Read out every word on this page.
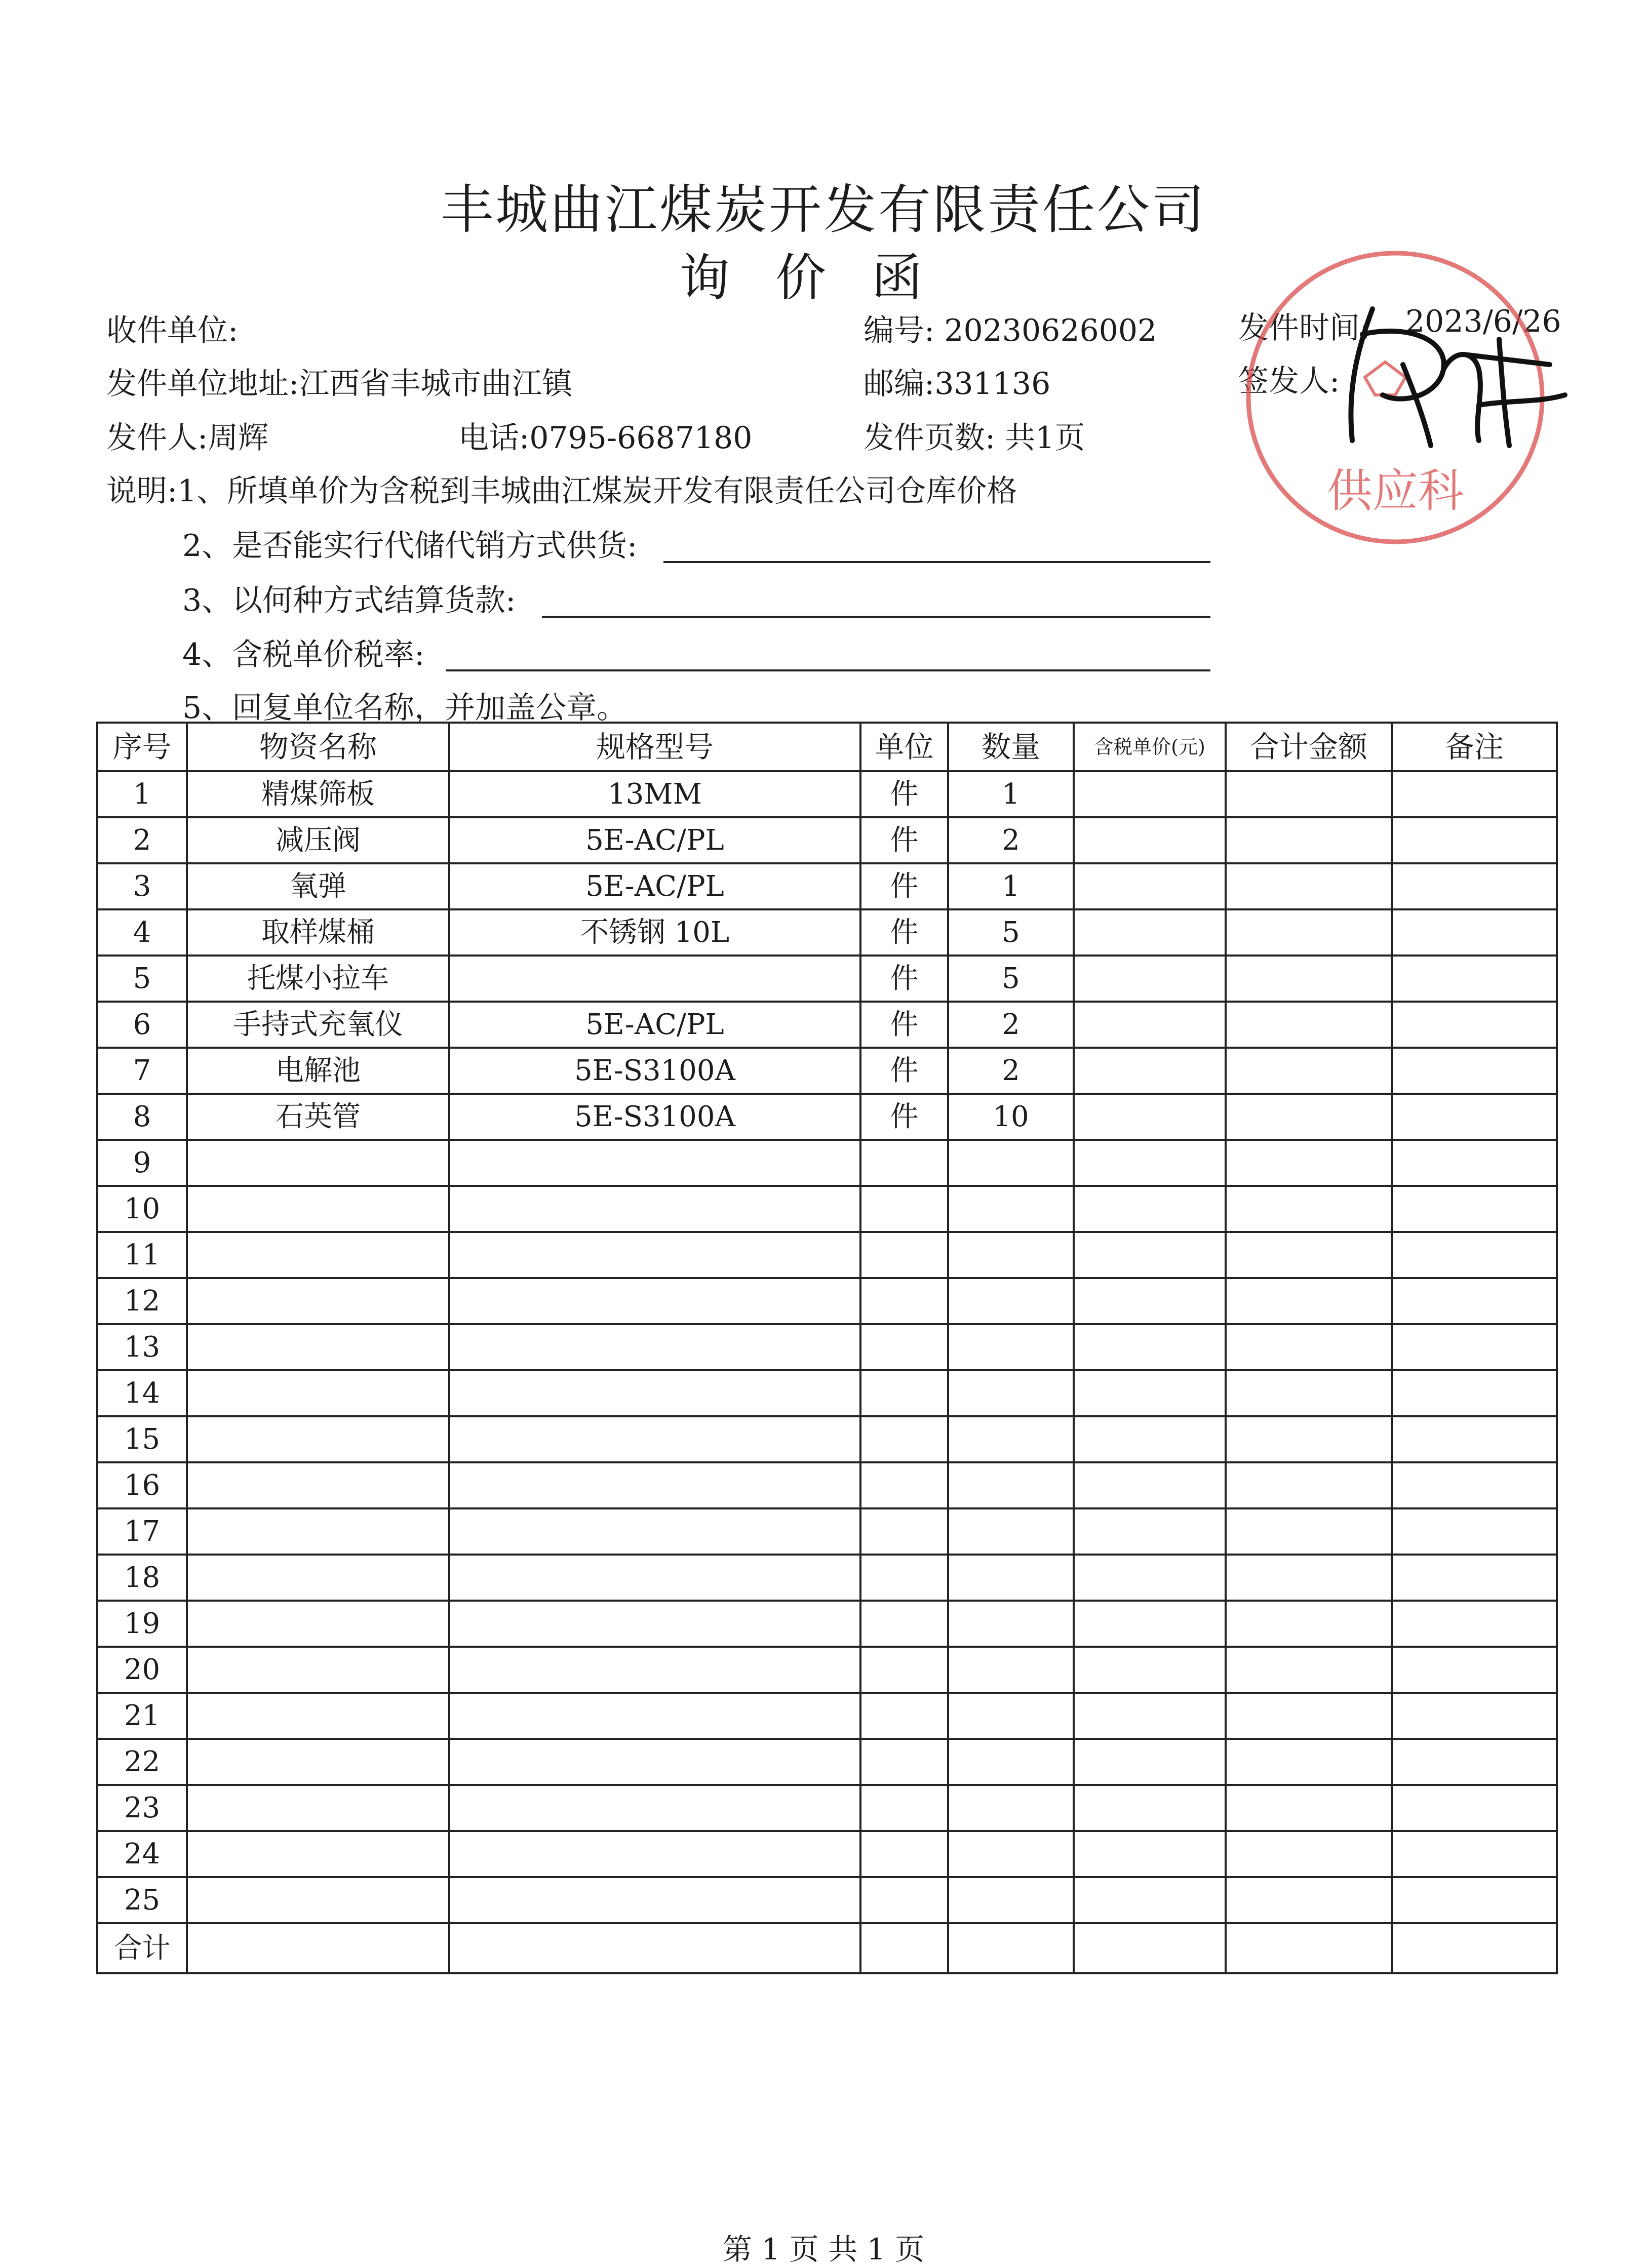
丰城曲江煤炭开发有限责任公司
询价函
收件单位:	编号: 20230626002	发件时间: 2023/6/26
发件单位地址:江西省丰城市曲江镇	邮编:331136	签发人:
发件人:周辉	电话:0795-6687180	发件页数: 共1页
说明:1、所填单价为含税到丰城曲江煤炭开发有限责任公司仓库价格
2、是否能实行代储代销方式供货:
3、以何种方式结算货款:
4、含税单价税率:
5、回复单位名称，并加盖公章。
供应科
序号	物资名称	规格型号	单位	数量	含税单价(元)	合计金额	备注
1	精煤筛板	13MM	件	1			
2	减压阀	5E-AC/PL	件	2			
3	氧弹	5E-AC/PL	件	1			
4	取样煤桶	不锈钢 10L	件	5			
5	托煤小拉车		件	5			
6	手持式充氧仪	5E-AC/PL	件	2			
7	电解池	5E-S3100A	件	2			
8	石英管	5E-S3100A	件	10			
9							
10							
11							
12							
13							
14							
15							
16							
17							
18							
19							
20							
21							
22							
23							
24							
25							
合计							
第 1 页 共 1 页
